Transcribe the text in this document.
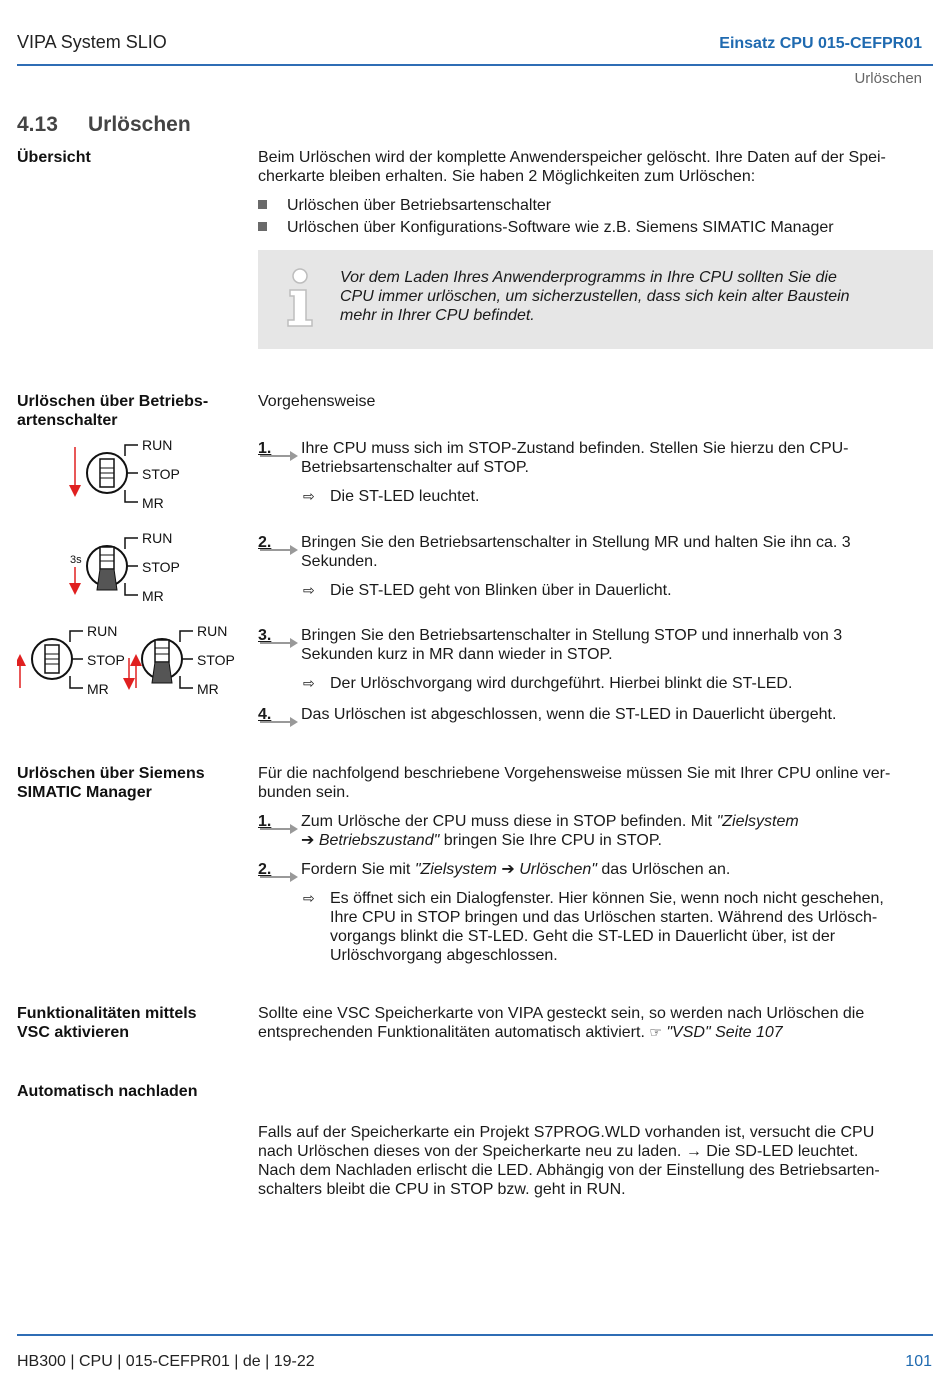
VIPA System SLIO	Einsatz CPU 015-CEFPR01
Urlöschen
4.13 Urlöschen
Übersicht	Beim Urlöschen wird der komplette Anwenderspeicher gelöscht. Ihre Daten auf der Spei-
cherkarte bleiben erhalten. Sie haben 2 Möglichkeiten zum Urlöschen:
Urlöschen über Betriebsartenschalter
Urlöschen über Konfigurations-Software wie z.B. Siemens SIMATIC Manager
Vor dem Laden Ihres Anwenderprogramms in Ihre CPU sollten Sie die
CPU immer urlöschen, um sicherzustellen, dass sich kein alter Baustein
mehr in Ihrer CPU befindet.
Urlöschen über Betriebs-
artenschalter
Vorgehensweise
RUN
STOP
MR
3s
RUN
STOP
MR
RUN
STOP
MR
RUN
STOP
MR
1. Ihre CPU muss sich im STOP-Zustand befinden. Stellen Sie hierzu den CPU-
Betriebsartenschalter auf STOP.
⇨ Die ST-LED leuchtet.
2. Bringen Sie den Betriebsartenschalter in Stellung MR und halten Sie ihn ca. 3
Sekunden.
⇨ Die ST-LED geht von Blinken über in Dauerlicht.
3. Bringen Sie den Betriebsartenschalter in Stellung STOP und innerhalb von 3
Sekunden kurz in MR dann wieder in STOP.
⇨ Der Urlöschvorgang wird durchgeführt. Hierbei blinkt die ST-LED.
4. Das Urlöschen ist abgeschlossen, wenn die ST-LED in Dauerlicht übergeht.
Urlöschen über Siemens
SIMATIC Manager
Für die nachfolgend beschriebene Vorgehensweise müssen Sie mit Ihrer CPU online ver-
bunden sein.
1. Zum Urlösche der CPU muss diese in STOP befinden. Mit "Zielsystem
➔ Betriebszustand" bringen Sie Ihre CPU in STOP.
2. Fordern Sie mit "Zielsystem ➔ Urlöschen" das Urlöschen an.
⇨ Es öffnet sich ein Dialogfenster. Hier können Sie, wenn noch nicht geschehen,
Ihre CPU in STOP bringen und das Urlöschen starten. Während des Urlösch-
vorgangs blinkt die ST-LED. Geht die ST-LED in Dauerlicht über, ist der
Urlöschvorgang abgeschlossen.
Funktionalitäten mittels
VSC aktivieren
Sollte eine VSC Speicherkarte von VIPA gesteckt sein, so werden nach Urlöschen die
entsprechenden Funktionalitäten automatisch aktiviert. ☞ "VSD" Seite 107
Automatisch nachladen
Falls auf der Speicherkarte ein Projekt S7PROG.WLD vorhanden ist, versucht die CPU
nach Urlöschen dieses von der Speicherkarte neu zu laden. → Die SD-LED leuchtet.
Nach dem Nachladen erlischt die LED. Abhängig von der Einstellung des Betriebsarten-
schalters bleibt die CPU in STOP bzw. geht in RUN.
HB300 | CPU | 015-CEFPR01 | de | 19-22	101
